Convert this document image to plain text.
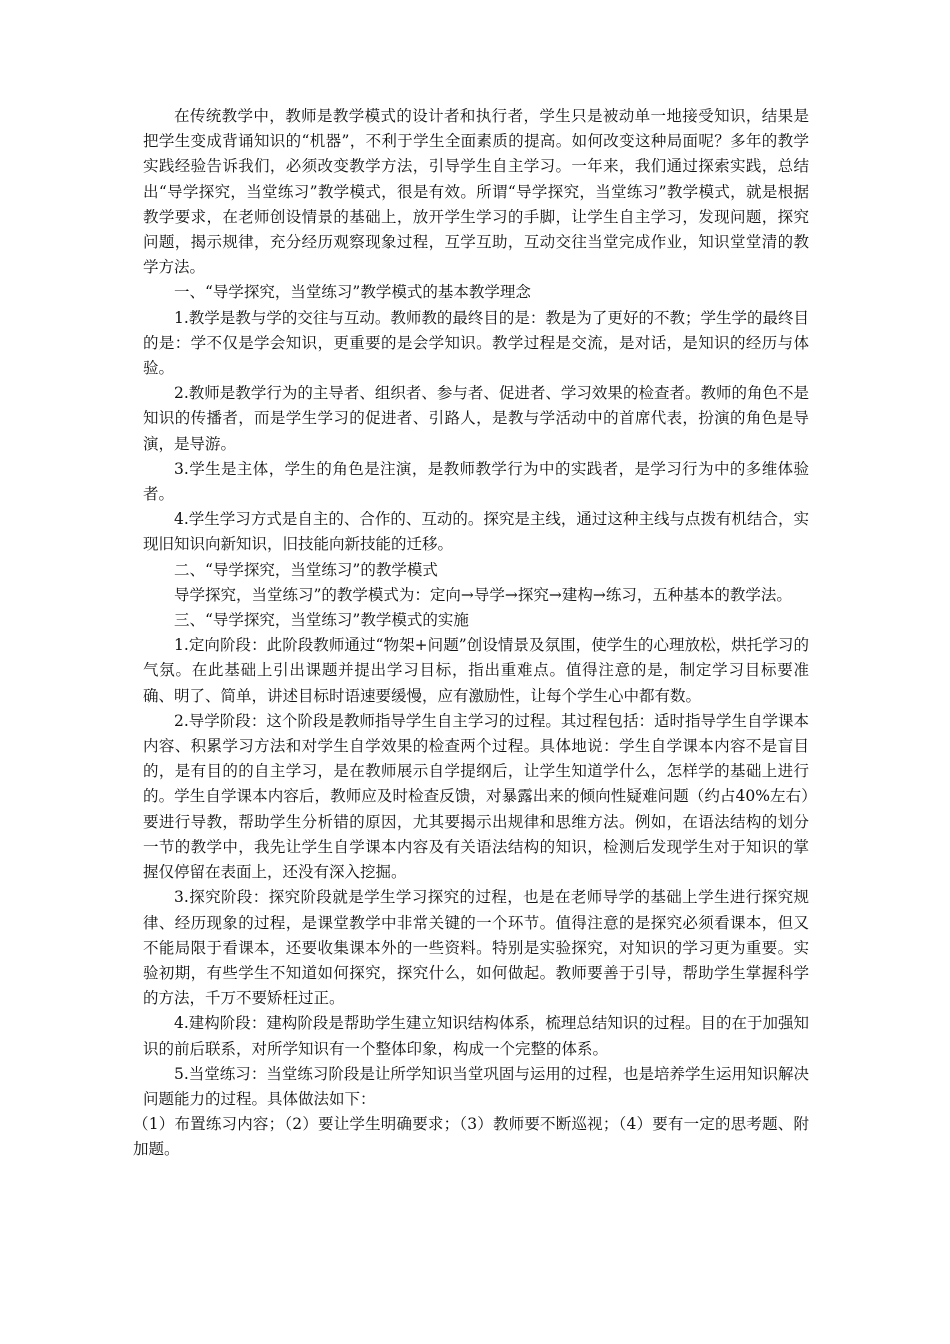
在传统教学中，教师是教学模式的设计者和执行者，学生只是被动单一地接受知识，结果是把学生变成背诵知识的“机器”，不利于学生全面素质的提高。如何改变这种局面呢？多年的教学实践经验告诉我们，必须改变教学方法，引导学生自主学习。一年来，我们通过探索实践，总结出“导学探究，当堂练习”教学模式，很是有效。所谓“导学探究，当堂练习”教学模式，就是根据教学要求，在老师创设情景的基础上，放开学生学习的手脚，让学生自主学习，发现问题，探究问题，揭示规律，充分经历观察现象过程，互学互助，互动交往当堂完成作业，知识堂堂清的教学方法。

一、“导学探究，当堂练习”教学模式的基本教学理念

1.教学是教与学的交往与互动。教师教的最终目的是：教是为了更好的不教；学生学的最终目的是：学不仅是学会知识，更重要的是会学知识。教学过程是交流，是对话，是知识的经历与体验。

2.教师是教学行为的主导者、组织者、参与者、促进者、学习效果的检查者。教师的角色不是知识的传播者，而是学生学习的促进者、引路人，是教与学活动中的首席代表，扮演的角色是导演，是导游。

3.学生是主体，学生的角色是注演，是教师教学行为中的实践者，是学习行为中的多维体验者。

4.学生学习方式是自主的、合作的、互动的。探究是主线，通过这种主线与点拨有机结合，实现旧知识向新知识，旧技能向新技能的迁移。

二、“导学探究，当堂练习”的教学模式

导学探究，当堂练习”的教学模式为：定向→导学→探究→建构→练习，五种基本的教学法。

三、“导学探究，当堂练习”教学模式的实施

1.定向阶段：此阶段教师通过“物架+问题”创设情景及氛围，使学生的心理放松，烘托学习的气氛。在此基础上引出课题并提出学习目标，指出重难点。值得注意的是，制定学习目标要准确、明了、简单，讲述目标时语速要缓慢，应有激励性，让每个学生心中都有数。

2.导学阶段：这个阶段是教师指导学生自主学习的过程。其过程包括：适时指导学生自学课本内容、积累学习方法和对学生自学效果的检查两个过程。具体地说：学生自学课本内容不是盲目的，是有目的的自主学习，是在教师展示自学提纲后，让学生知道学什么，怎样学的基础上进行的。学生自学课本内容后，教师应及时检查反馈，对暴露出来的倾向性疑难问题（约占40%左右）要进行导教，帮助学生分析错的原因，尤其要揭示出规律和思维方法。例如，在语法结构的划分一节的教学中，我先让学生自学课本内容及有关语法结构的知识，检测后发现学生对于知识的掌握仅停留在表面上，还没有深入挖掘。

3.探究阶段：探究阶段就是学生学习探究的过程，也是在老师导学的基础上学生进行探究规律、经历现象的过程，是课堂教学中非常关键的一个环节。值得注意的是探究必须看课本，但又不能局限于看课本，还要收集课本外的一些资料。特别是实验探究，对知识的学习更为重要。实验初期，有些学生不知道如何探究，探究什么，如何做起。教师要善于引导，帮助学生掌握科学的方法，千万不要矫枉过正。

4.建构阶段：建构阶段是帮助学生建立知识结构体系，梳理总结知识的过程。目的在于加强知识的前后联系，对所学知识有一个整体印象，构成一个完整的体系。

5.当堂练习：当堂练习阶段是让所学知识当堂巩固与运用的过程，也是培养学生运用知识解决问题能力的过程。具体做法如下：

（1）布置练习内容；（2）要让学生明确要求；（3）教师要不断巡视；（4）要有一定的思考题、附加题。
